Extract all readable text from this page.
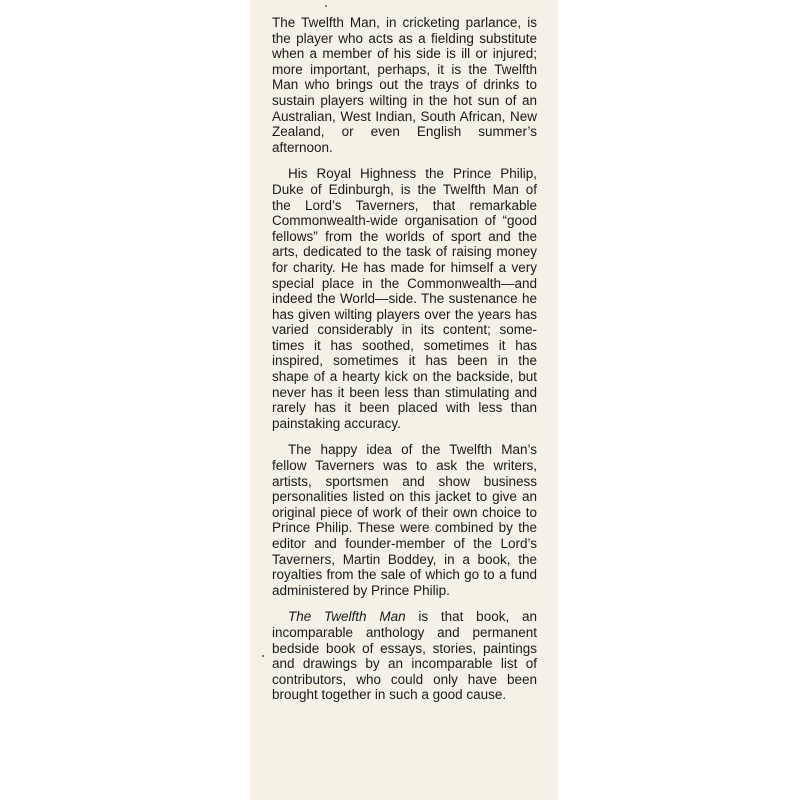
The Twelfth Man, in cricketing parlance, is the player who acts as a fielding substitute when a member of his side is ill or injured; more important, perhaps, it is the Twelfth Man who brings out the trays of drinks to sustain players wilting in the hot sun of an Australian, West Indian, South African, New Zealand, or even English summer’s afternoon.

His Royal Highness the Prince Philip, Duke of Edinburgh, is the Twelfth Man of the Lord’s Taverners, that remarkable Commonwealth-wide organisation of “good fellows” from the worlds of sport and the arts, dedicated to the task of raising money for charity. He has made for himself a very special place in the Commonwealth—and indeed the World—side. The sustenance he has given wilting players over the years has varied considerably in its content; sometimes it has soothed, sometimes it has inspired, sometimes it has been in the shape of a hearty kick on the backside, but never has it been less than stimulating and rarely has it been placed with less than painstaking accuracy.

The happy idea of the Twelfth Man’s fellow Taverners was to ask the writers, artists, sportsmen and show business personalities listed on this jacket to give an original piece of work of their own choice to Prince Philip. These were combined by the editor and founder-member of the Lord’s Taverners, Martin Boddey, in a book, the royalties from the sale of which go to a fund administered by Prince Philip.

The Twelfth Man is that book, an incomparable anthology and permanent bedside book of essays, stories, paintings and drawings by an incomparable list of contributors, who could only have been brought together in such a good cause.
